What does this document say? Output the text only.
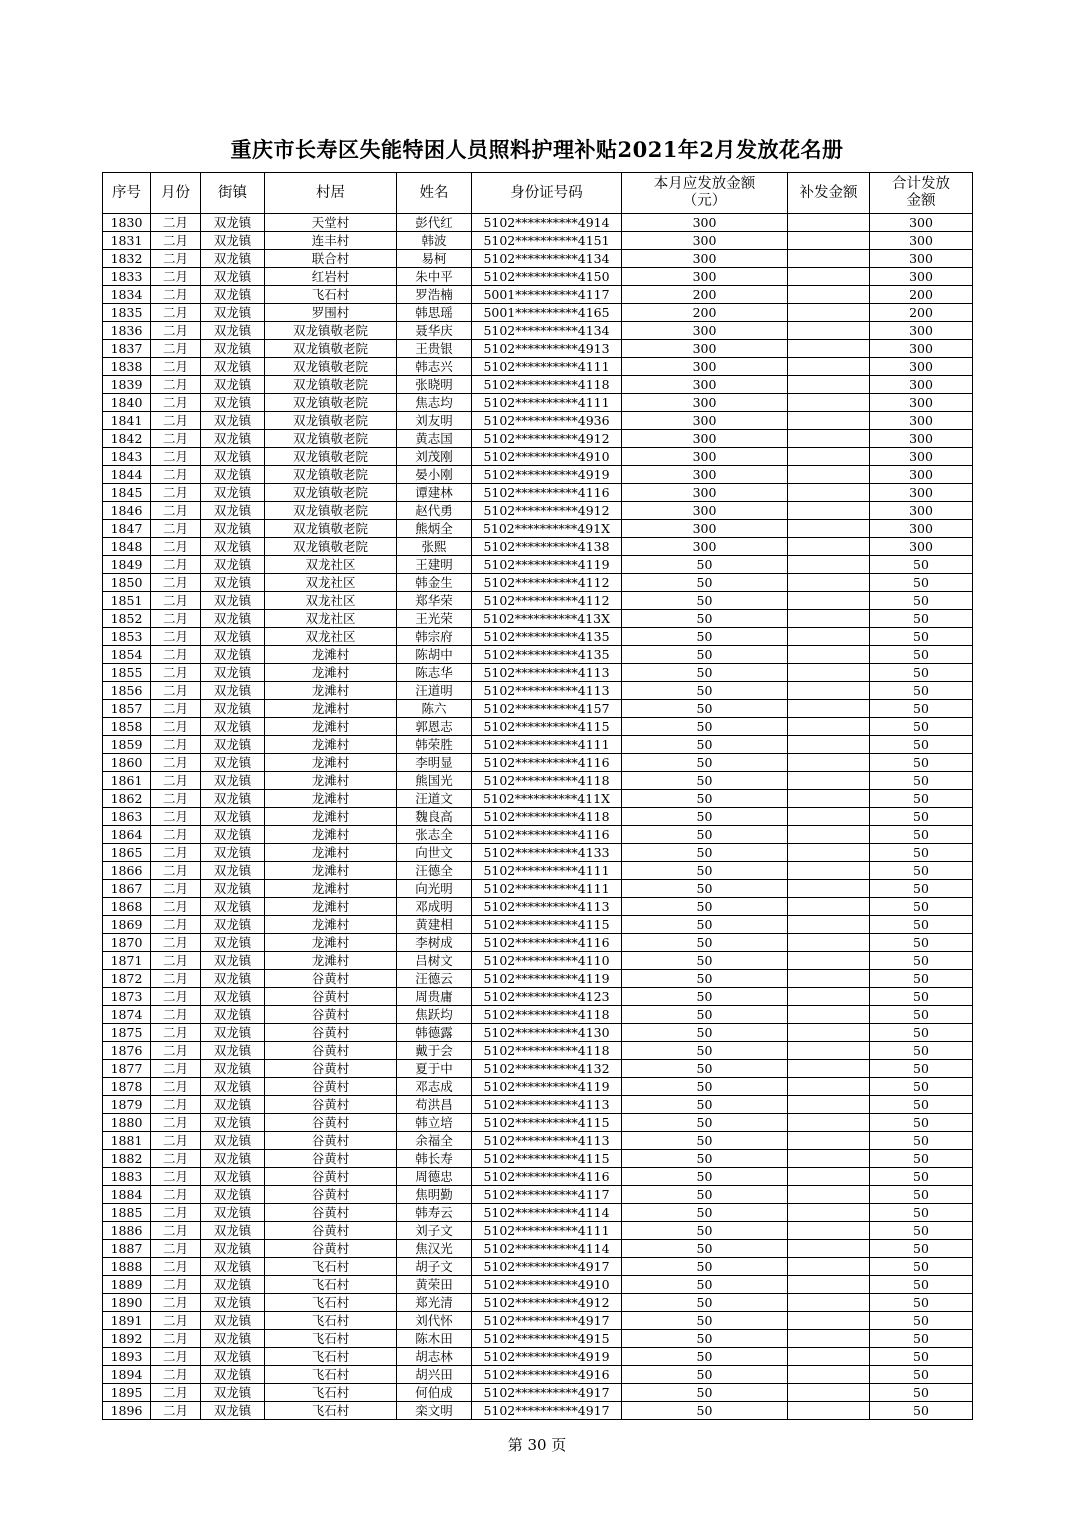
重庆市长寿区失能特困人员照料护理补贴2021年2月发放花名册
序号	月份	街镇	村居	姓名	身份证号码	本月应发放金额（元）	补发金额	合计发放金额
1830	二月	双龙镇	天堂村	彭代红	5102**********4914	300		300
1831	二月	双龙镇	连丰村	韩波	5102**********4151	300		300
1832	二月	双龙镇	联合村	易柯	5102**********4134	300		300
1833	二月	双龙镇	红岩村	朱中平	5102**********4150	300		300
1834	二月	双龙镇	飞石村	罗浩楠	5001**********4117	200		200
1835	二月	双龙镇	罗围村	韩思瑶	5001**********4165	200		200
1836	二月	双龙镇	双龙镇敬老院	聂华庆	5102**********4134	300		300
1837	二月	双龙镇	双龙镇敬老院	王贵银	5102**********4913	300		300
1838	二月	双龙镇	双龙镇敬老院	韩志兴	5102**********4111	300		300
1839	二月	双龙镇	双龙镇敬老院	张晓明	5102**********4118	300		300
1840	二月	双龙镇	双龙镇敬老院	焦志均	5102**********4111	300		300
1841	二月	双龙镇	双龙镇敬老院	刘友明	5102**********4936	300		300
1842	二月	双龙镇	双龙镇敬老院	黄志国	5102**********4912	300		300
1843	二月	双龙镇	双龙镇敬老院	刘茂刚	5102**********4910	300		300
1844	二月	双龙镇	双龙镇敬老院	晏小刚	5102**********4919	300		300
1845	二月	双龙镇	双龙镇敬老院	谭建林	5102**********4116	300		300
1846	二月	双龙镇	双龙镇敬老院	赵代勇	5102**********4912	300		300
1847	二月	双龙镇	双龙镇敬老院	熊炳全	5102**********491X	300		300
1848	二月	双龙镇	双龙镇敬老院	张熙	5102**********4138	300		300
1849	二月	双龙镇	双龙社区	王建明	5102**********4119	50		50
1850	二月	双龙镇	双龙社区	韩金生	5102**********4112	50		50
1851	二月	双龙镇	双龙社区	郑华荣	5102**********4112	50		50
1852	二月	双龙镇	双龙社区	王光荣	5102**********413X	50		50
1853	二月	双龙镇	双龙社区	韩宗府	5102**********4135	50		50
1854	二月	双龙镇	龙滩村	陈胡中	5102**********4135	50		50
1855	二月	双龙镇	龙滩村	陈志华	5102**********4113	50		50
1856	二月	双龙镇	龙滩村	汪道明	5102**********4113	50		50
1857	二月	双龙镇	龙滩村	陈六	5102**********4157	50		50
1858	二月	双龙镇	龙滩村	郭恩志	5102**********4115	50		50
1859	二月	双龙镇	龙滩村	韩荣胜	5102**********4111	50		50
1860	二月	双龙镇	龙滩村	李明显	5102**********4116	50		50
1861	二月	双龙镇	龙滩村	熊国光	5102**********4118	50		50
1862	二月	双龙镇	龙滩村	汪道文	5102**********411X	50		50
1863	二月	双龙镇	龙滩村	魏良高	5102**********4118	50		50
1864	二月	双龙镇	龙滩村	张志全	5102**********4116	50		50
1865	二月	双龙镇	龙滩村	向世文	5102**********4133	50		50
1866	二月	双龙镇	龙滩村	汪德全	5102**********4111	50		50
1867	二月	双龙镇	龙滩村	向光明	5102**********4111	50		50
1868	二月	双龙镇	龙滩村	邓成明	5102**********4113	50		50
1869	二月	双龙镇	龙滩村	黄建相	5102**********4115	50		50
1870	二月	双龙镇	龙滩村	李树成	5102**********4116	50		50
1871	二月	双龙镇	龙滩村	吕树文	5102**********4110	50		50
1872	二月	双龙镇	谷黄村	汪德云	5102**********4119	50		50
1873	二月	双龙镇	谷黄村	周贵庸	5102**********4123	50		50
1874	二月	双龙镇	谷黄村	焦跃均	5102**********4118	50		50
1875	二月	双龙镇	谷黄村	韩德露	5102**********4130	50		50
1876	二月	双龙镇	谷黄村	戴于会	5102**********4118	50		50
1877	二月	双龙镇	谷黄村	夏于中	5102**********4132	50		50
1878	二月	双龙镇	谷黄村	邓志成	5102**********4119	50		50
1879	二月	双龙镇	谷黄村	苟洪昌	5102**********4113	50		50
1880	二月	双龙镇	谷黄村	韩立培	5102**********4115	50		50
1881	二月	双龙镇	谷黄村	余福全	5102**********4113	50		50
1882	二月	双龙镇	谷黄村	韩长寿	5102**********4115	50		50
1883	二月	双龙镇	谷黄村	周德忠	5102**********4116	50		50
1884	二月	双龙镇	谷黄村	焦明勤	5102**********4117	50		50
1885	二月	双龙镇	谷黄村	韩寿云	5102**********4114	50		50
1886	二月	双龙镇	谷黄村	刘子文	5102**********4111	50		50
1887	二月	双龙镇	谷黄村	焦汉光	5102**********4114	50		50
1888	二月	双龙镇	飞石村	胡子文	5102**********4917	50		50
1889	二月	双龙镇	飞石村	黄荣田	5102**********4910	50		50
1890	二月	双龙镇	飞石村	郑光清	5102**********4912	50		50
1891	二月	双龙镇	飞石村	刘代怀	5102**********4917	50		50
1892	二月	双龙镇	飞石村	陈木田	5102**********4915	50		50
1893	二月	双龙镇	飞石村	胡志林	5102**********4919	50		50
1894	二月	双龙镇	飞石村	胡兴田	5102**********4916	50		50
1895	二月	双龙镇	飞石村	何伯成	5102**********4917	50		50
1896	二月	双龙镇	飞石村	栾文明	5102**********4917	50		50
第 30 页
